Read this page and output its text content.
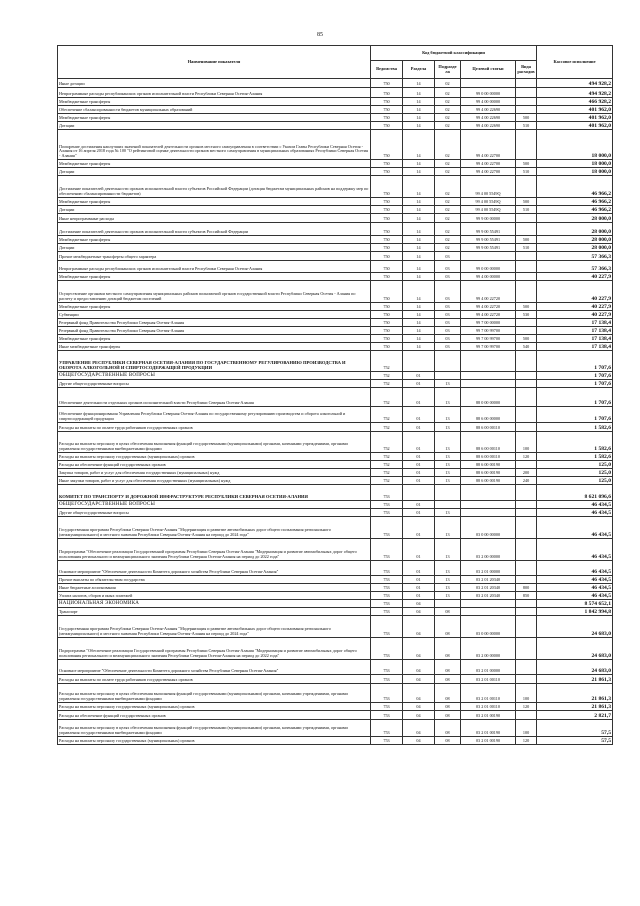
85
Наименование показателя	Код бюджетной классификации					Кассовое исполнение
	Ведомства	Раздела	Подразде ла	Целевой статьи	Вида расходов	
Иные дотации	750	14	02			494 928,2
Непрограммные расходы республиканских органов исполнительной власти Республики Северная Осетия-Алания	750	14	02	99 0 00 00000		494 928,2
Межбюджетные трансферты	750	14	02	99 4 00 00000		466 928,2
Обеспечение сбалансированности бюджетов муниципальных образований	750	14	02	99 4 00 22690		401 962,0
Межбюджетные трансферты	750	14	02	99 4 00 22690	500	401 962,0
Дотации	750	14	02	99 4 00 22690	510	401 962,0
Поощрение достижения наилучших значений показателей деятельности органов местного самоуправления в соответствии с Указом Главы Республики Северная Осетия - Алания от 16 апреля 2018 года № 100 "О рейтинговой оценке деятельности органов местного самоуправления в муниципальных образованиях Республики Северная Осетия - Алания"	750	14	02	99 4 00 22700		18 000,0
Межбюджетные трансферты	750	14	02	99 4 00 22700	500	18 000,0
Дотации	750	14	02	99 4 00 22700	510	18 000,0
Достижение показателей деятельности органов исполнительной власти субъектов Российской Федерации (дотация бюджетам муниципальных районов на поддержку мер по обеспечению сбалансированности бюджетов)	750	14	02	99 4 00 5549Q		46 966,2
Межбюджетные трансферты	750	14	02	99 4 00 5549Q	500	46 966,2
Дотации	750	14	02	99 4 00 5549Q	510	46 966,2
Иные непрограммные расходы	750	14	02	99 9 00 00000		28 000,0
Достижение показателей деятельности органов исполнительной власти субъектов Российской Федерации	750	14	02	99 9 00 55491		28 000,0
Межбюджетные трансферты	750	14	02	99 9 00 55491	500	28 000,0
Дотации	750	14	02	99 9 00 55491	510	28 000,0
Прочие межбюджетные трансферты общего характера	750	14	03			57 366,3
Непрограммные расходы республиканских органов исполнительной власти Республики Северная Осетия-Алания	750	14	03	99 0 00 00000		57 366,3
Межбюджетные трансферты	750	14	03	99 4 00 00000		40 227,9
Осуществление органами местного самоуправления муниципальных районов полномочий органов государственной власти Республики Северная Осетия - Алания по расчету и предоставлению дотаций бюджетам поселений	750	14	03	99 4 00 22720		40 227,9
Межбюджетные трансферты	750	14	03	99 4 00 22720	500	40 227,9
Субвенции	750	14	03	99 4 00 22720	530	40 227,9
Резервный фонд Правительства Республики Северная Осетия-Алания	750	14	03	99 7 00 00000		17 138,4
Резервный фонд Правительства Республики Северная Осетия-Алания	750	14	03	99 7 00 99700		17 138,4
Межбюджетные трансферты	750	14	03	99 7 00 99700	500	17 138,4
Иные межбюджетные трансферты	750	14	03	99 7 00 99700	540	17 138,4
УПРАВЛЕНИЕ РЕСПУБЛИКИ СЕВЕРНАЯ ОСЕТИЯ-АЛАНИЯ ПО ГОСУДАРСТВЕННОМУ РЕГУЛИРОВАНИЮ ПРОИЗВОДСТВА И ОБОРОТА АЛКОГОЛЬНОЙ И СПИРТОСОДЕРЖАЩЕЙ ПРОДУКЦИИ	752					1 707,6
ОБЩЕГОСУДАРСТВЕННЫЕ ВОПРОСЫ	752	01				1 707,6
Другие общегосударственные вопросы	752	01	13			1 707,6
Обеспечение деятельности отдельных органов исполнительной власти Республики Северная Осетия-Алания	752	01	13	88 0 00 00000		1 707,6
Обеспечение функционирования Управления Республики Северная Осетия-Алания по государственному регулированию производства и оборота алкогольной и спиртосодержащей продукции	752	01	13	88 6 00 00000		1 707,6
Расходы на выплаты по оплате труда работников государственных органов	752	01	13	88 6 00 00110		1 582,6
Расходы на выплаты персоналу в целях обеспечения выполнения функций государственными (муниципальными) органами, казенными учреждениями, органами управления государственными внебюджетными фондами	752	01	13	88 6 00 00110	100	1 582,6
Расходы на выплаты персоналу государственных (муниципальных) органов	752	01	13	88 6 00 00110	120	1 582,6
Расходы на обеспечение функций государственных органов	752	01	13	88 6 00 00190		125,0
Закупка товаров, работ и услуг для обеспечения государственных (муниципальных) нужд	752	01	13	88 6 00 00190	200	125,0
Иные закупки товаров, работ и услуг для обеспечения государственных (муниципальных) нужд	752	01	13	88 6 00 00190	240	125,0
КОМИТЕТ ПО ТРАНСПОРТУ И ДОРОЖНОЙ ИНФРАСТРУКТУРЕ РЕСПУБЛИКИ СЕВЕРНАЯ ОСЕТИЯ-АЛАНИЯ	753					8 621 096,6
ОБЩЕГОСУДАРСТВЕННЫЕ ВОПРОСЫ	753	01				46 434,5
Другие общегосударственные вопросы	753	01	13			46 434,5
Государственная программа Республики Северная Осетия-Алания "Модернизация и развитие автомобильных дорог общего пользования регионального (межмуниципального) и местного значения Республики Северная Осетия-Алания на период до 2024 года"	753	01	13	03 0 00 00000		46 434,5
Подпрограмма "Обеспечение реализации Государственной программы Республики Северная Осетия-Алания "Модернизация и развитие автомобильных дорог общего пользования регионального и межмуниципального значения Республики Северная Осетия-Алания на период до 2022 года"	753	01	13	03 2 00 00000		46 434,5
Основное мероприятие "Обеспечение деятельности Комитета дорожного хозяйства Республики Северная Осетия-Алания"	753	01	13	03 2 01 00000		46 434,5
Прочие выплаты по обязательствам государства	753	01	13	03 2 01 20340		46 434,5
Иные бюджетные ассигнования	753	01	13	03 2 01 20340	800	46 434,5
Уплата налогов, сборов и иных платежей	753	01	13	03 2 01 20340	850	46 434,5
НАЦИОНАЛЬНАЯ ЭКОНОМИКА	753	04				8 574 652,1
Транспорт	753	04	08			1 842 994,8
Государственная программа Республики Северная Осетия-Алания "Модернизация и развитие автомобильных дорог общего пользования регионального (межмуниципального) и местного значения Республики Северная Осетия-Алания на период до 2024 года"	753	04	08	03 0 00 00000		24 683,0
Подпрограмма "Обеспечение реализации Государственной программы Республики Северная Осетия-Алания "Модернизация и развитие автомобильных дорог общего пользования регионального и межмуниципального значения Республики Северная Осетия-Алания на период до 2022 года"	753	04	08	03 2 00 00000		24 683,0
Основное мероприятие "Обеспечение деятельности Комитета дорожного хозяйства Республики Северная Осетия-Алания"	753	04	08	03 2 01 00000		24 683,0
Расходы на выплаты по оплате труда работников государственных органов	753	04	08	03 2 01 00110		21 861,3
Расходы на выплаты персоналу в целях обеспечения выполнения функций государственными (муниципальными) органами, казенными учреждениями, органами управления государственными внебюджетными фондами	753	04	08	03 2 01 00110	100	21 861,3
Расходы на выплаты персоналу государственных (муниципальных) органов	753	04	08	03 2 01 00110	120	21 861,3
Расходы на обеспечение функций государственных органов	753	04	08	03 2 01 00190		2 821,7
Расходы на выплаты персоналу в целях обеспечения выполнения функций государственными (муниципальными) органами, казенными учреждениями, органами управления государственными внебюджетными фондами	753	04	08	03 2 01 00190	100	57,5
Расходы на выплаты персоналу государственных (муниципальных) органов	753	04	08	03 2 01 00190	120	57,5
